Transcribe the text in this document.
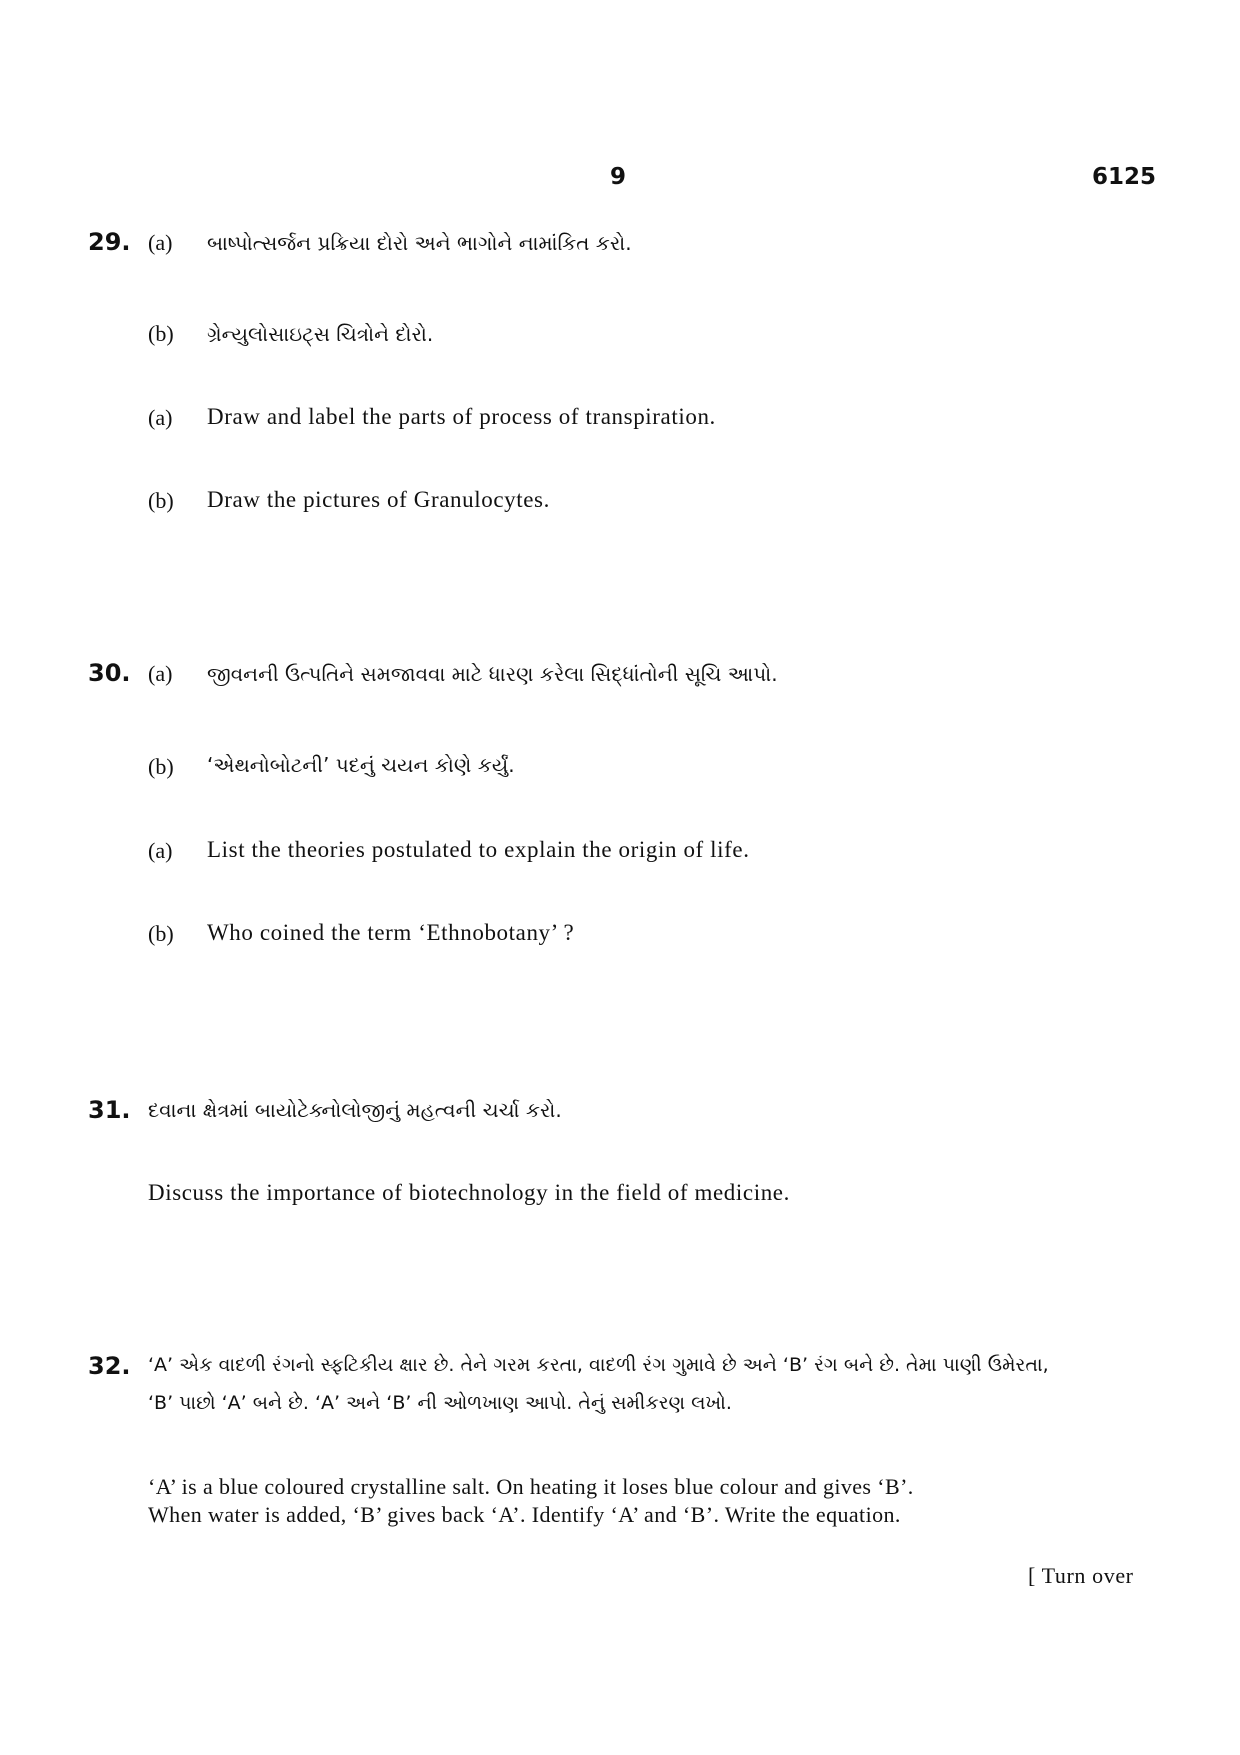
9	6125
29. (a) બાષ્પોત્સર્જન પ્રક્રિયા દોરો અને ભાગોને નામાંકિત કરો.
(b) ગ્રેન્યુલોસાઇટ્સ ચિત્રોને દોરો.
(a) Draw and label the parts of process of transpiration.
(b) Draw the pictures of Granulocytes.
30. (a) જીવનની ઉત્પતિને સમજાવવા માટે ધારણ કરેલા સિદ્ધાંતોની સૂચિ આપો.
(b) ‘એથનોબોટની’ પદનું ચયન કોણે કર્યું.
(a) List the theories postulated to explain the origin of life.
(b) Who coined the term ‘Ethnobotany’ ?
31. દવાના ક્ષેત્રમાં બાયોટેક્નોલોજીનું મહત્વની ચર્ચા કરો.
Discuss the importance of biotechnology in the field of medicine.
32. ‘A’ એક વાદળી રંગનો સ્ફટિકીય ક્ષાર છે. તેને ગરમ કરતા, વાદળી રંગ ગુમાવે છે અને ‘B’ રંગ બને છે. તેમા પાણી ઉમેરતા,
‘B’ પાછો ‘A’ બને છે. ‘A’ અને ‘B’ ની ઓળખાણ આપો. તેનું સમીકરણ લખો.
‘A’ is a blue coloured crystalline salt. On heating it loses blue colour and gives ‘B’.
When water is added, ‘B’ gives back ‘A’. Identify ‘A’ and ‘B’. Write the equation.
[ Turn over
